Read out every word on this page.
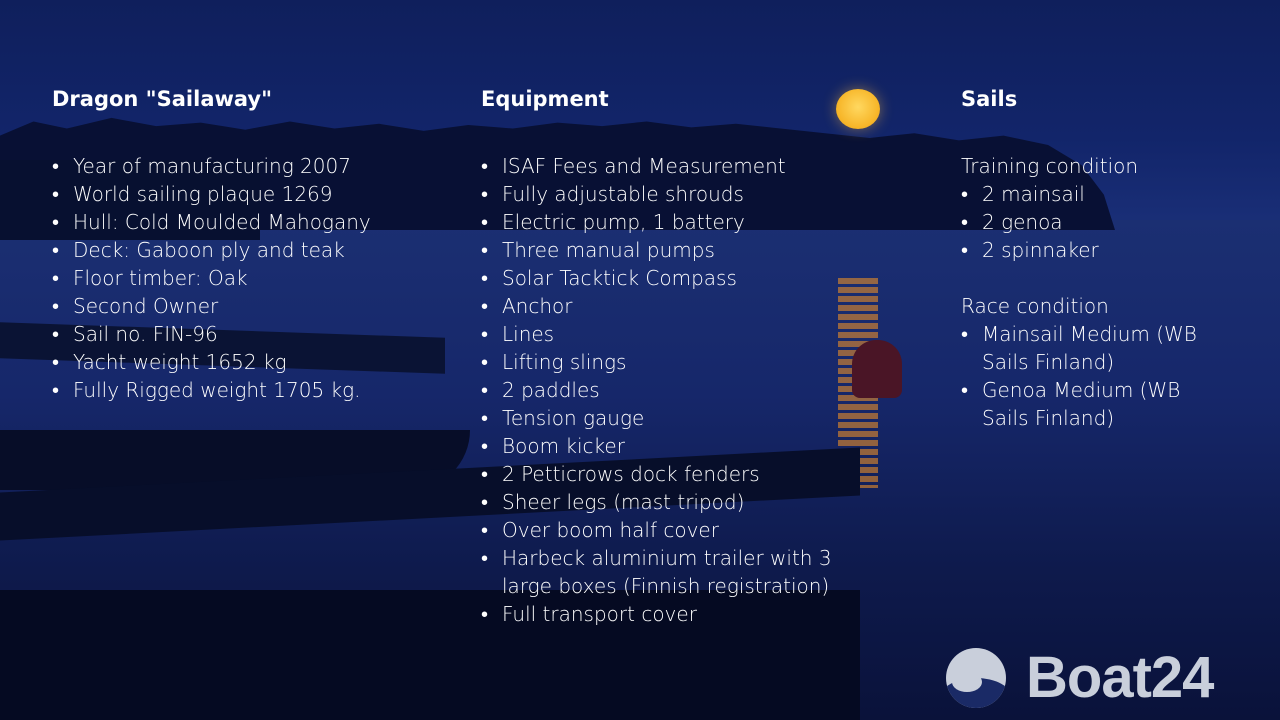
Dragon "Sailaway"
• Year of manufacturing 2007
• World sailing plaque 1269
• Hull: Cold Moulded Mahogany
• Deck: Gaboon ply and teak
• Floor timber: Oak
• Second Owner
• Sail no. FIN-96
• Yacht weight 1652 kg
• Fully Rigged weight 1705 kg.
Equipment
• ISAF Fees and Measurement
• Fully adjustable shrouds
• Electric pump, 1 battery
• Three manual pumps
• Solar Tacktick Compass
• Anchor
• Lines
• Lifting slings
• 2 paddles
• Tension gauge
• Boom kicker
• 2 Petticrows dock fenders
• Sheer legs (mast tripod)
• Over boom half cover
• Harbeck aluminium trailer with 3 large boxes (Finnish registration)
• Full transport cover
Sails
Training condition
• 2 mainsail
• 2 genoa
• 2 spinnaker
Race condition
• Mainsail Medium (WB Sails Finland)
• Genoa Medium (WB Sails Finland)
Boat24
